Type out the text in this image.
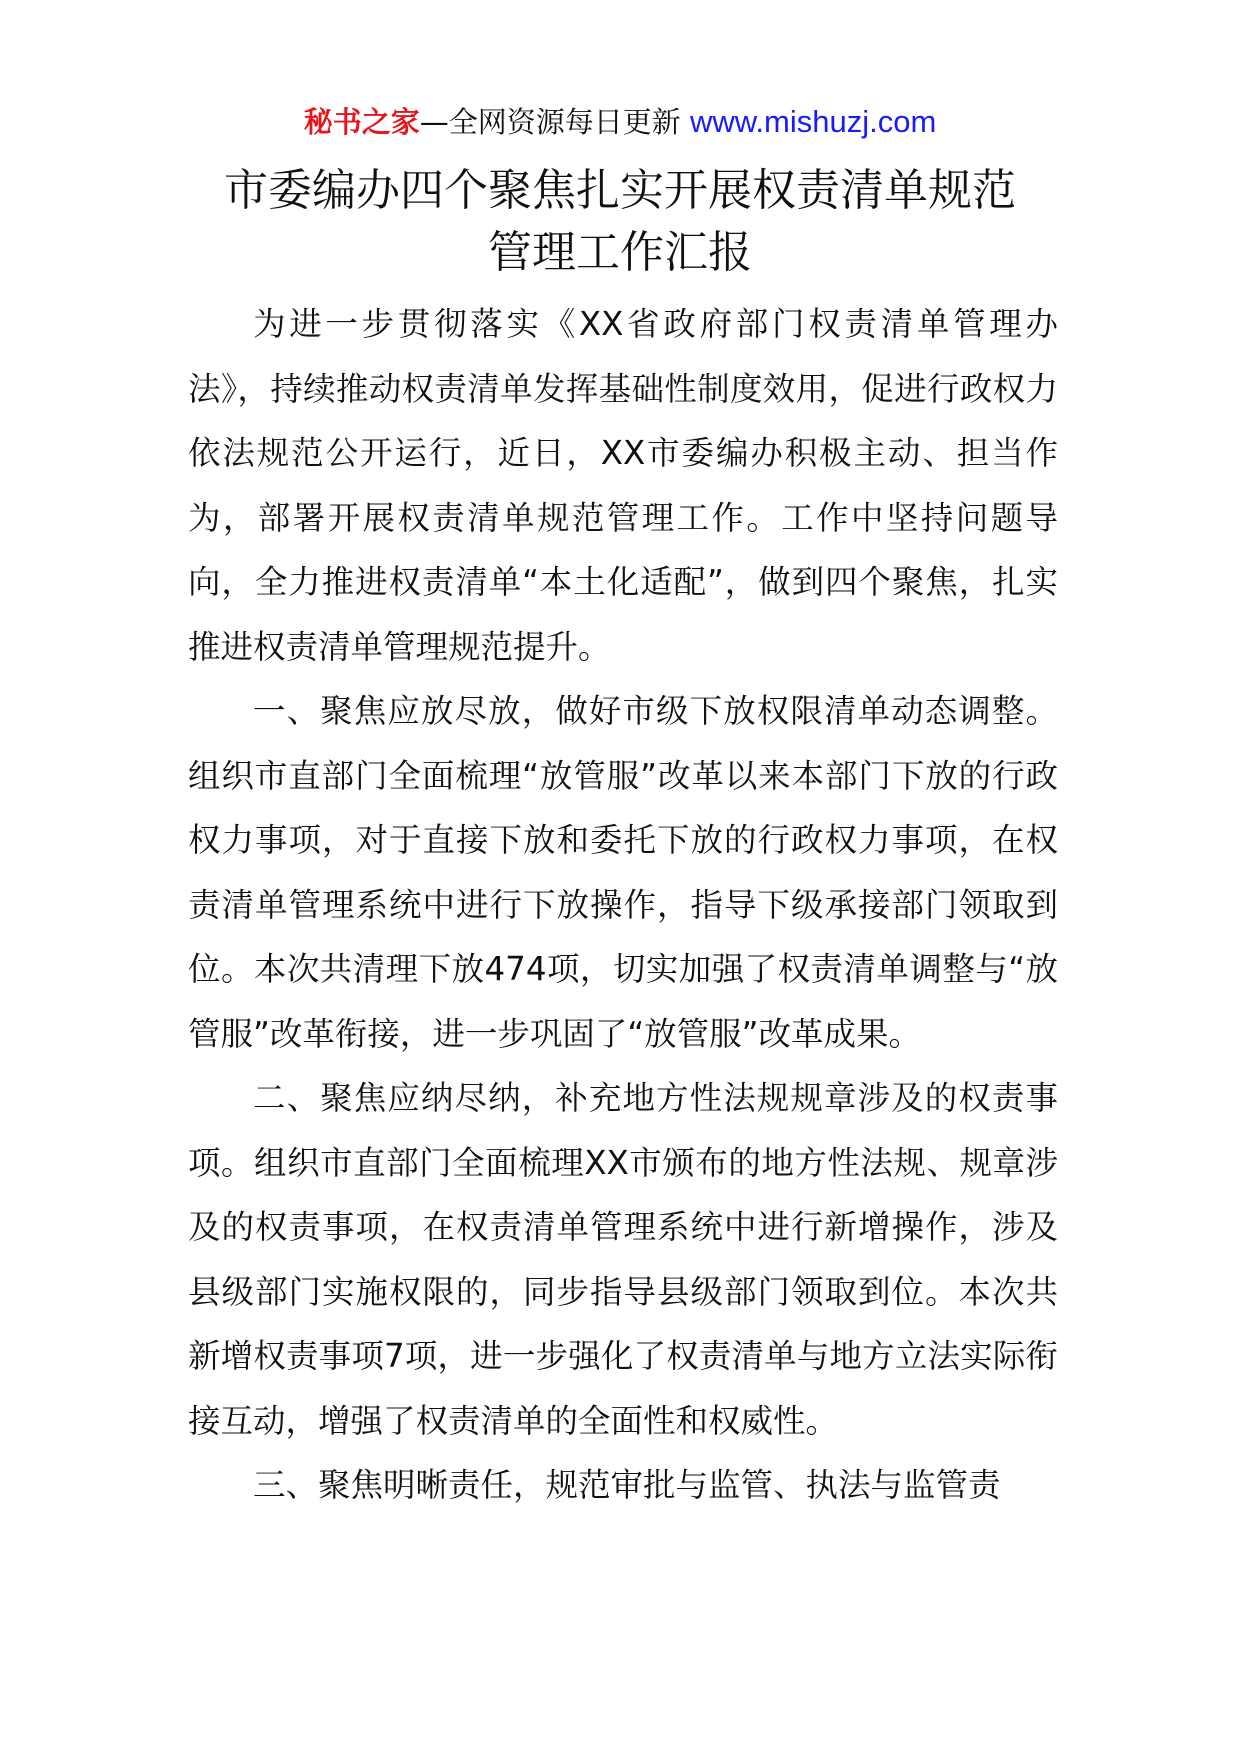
秘书之家—全网资源每日更新 www.mishuzj.com
市委编办四个聚焦扎实开展权责清单规范
管理工作汇报

为进一步贯彻落实《XX省政府部门权责清单管理办法》，持续推动权责清单发挥基础性制度效用，促进行政权力依法规范公开运行，近日，XX市委编办积极主动、担当作为，部署开展权责清单规范管理工作。工作中坚持问题导向，全力推进权责清单“本土化适配”，做到四个聚焦，扎实推进权责清单管理规范提升。

一、聚焦应放尽放，做好市级下放权限清单动态调整。组织市直部门全面梳理“放管服”改革以来本部门下放的行政权力事项，对于直接下放和委托下放的行政权力事项，在权责清单管理系统中进行下放操作，指导下级承接部门领取到位。本次共清理下放474项，切实加强了权责清单调整与“放管服”改革衔接，进一步巩固了“放管服”改革成果。

二、聚焦应纳尽纳，补充地方性法规规章涉及的权责事项。组织市直部门全面梳理XX市颁布的地方性法规、规章涉及的权责事项，在权责清单管理系统中进行新增操作，涉及县级部门实施权限的，同步指导县级部门领取到位。本次共新增权责事项7项，进一步强化了权责清单与地方立法实际衔接互动，增强了权责清单的全面性和权威性。

三、聚焦明晰责任，规范审批与监管、执法与监管责
